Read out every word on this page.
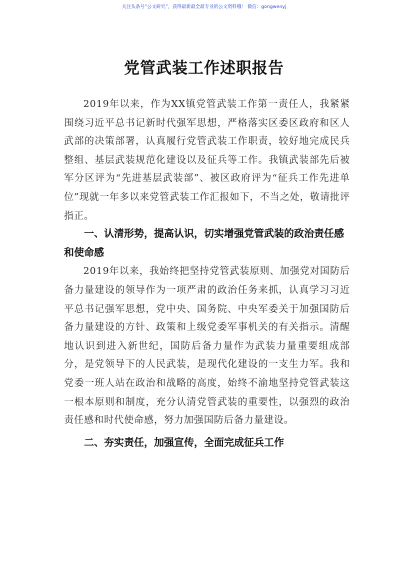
关注头条号“公文研究”，获得最新最全最专业的公文资料哦！ 微信：gongwenyj
党管武装工作述职报告

2019年以来，作为XX镇党管武装工作第一责任人，我紧紧围绕习近平总书记新时代强军思想，严格落实区委区政府和区人武部的决策部署，认真履行党管武装工作职责，较好地完成民兵整组、基层武装规范化建设以及征兵等工作。我镇武装部先后被军分区评为“先进基层武装部”、被区政府评为“征兵工作先进单位”现就一年多以来党管武装工作汇报如下，不当之处，敬请批评指正。

一、认清形势，提高认识，切实增强党管武装的政治责任感和使命感

2019年以来，我始终把坚持党管武装原则、加强党对国防后备力量建设的领导作为一项严肃的政治任务来抓，认真学习习近平总书记强军思想，党中央、国务院、中央军委关于加强国防后备力量建设的方针、政策和上级党委军事机关的有关指示。清醒地认识到进入新世纪，国防后备力量作为武装力量重要组成部分，是党领导下的人民武装，是现代化建设的一支生力军。我和党委一班人站在政治和战略的高度，始终不渝地坚持党管武装这一根本原则和制度，充分认清党管武装的重要性，以强烈的政治责任感和时代使命感，努力加强国防后备力量建设。

二、夯实责任，加强宣传，全面完成征兵工作
